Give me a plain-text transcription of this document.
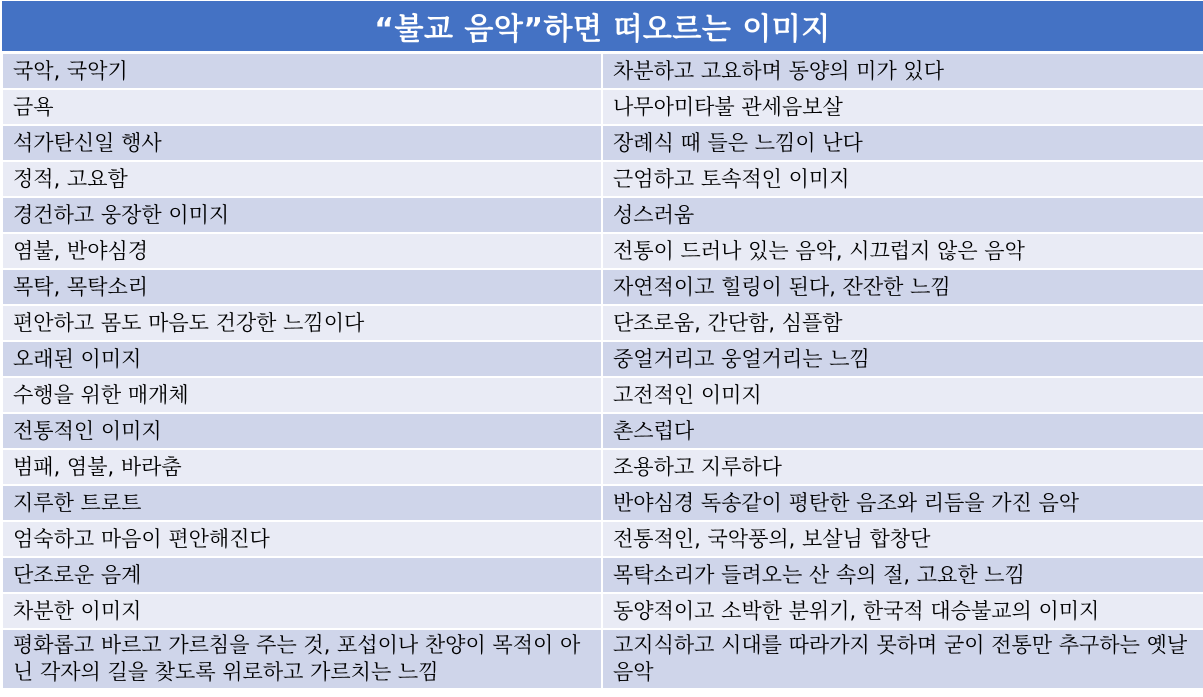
“불교 음악”하면 떠오르는 이미지	
국악, 국악기	차분하고 고요하며 동양의 미가 있다
금욕	나무아미타불 관세음보살
석가탄신일 행사	장례식 때 들은 느낌이 난다
정적, 고요함	근엄하고 토속적인 이미지
경건하고 웅장한 이미지	성스러움
염불, 반야심경	전통이 드러나 있는 음악, 시끄럽지 않은 음악
목탁, 목탁소리	자연적이고 힐링이 된다, 잔잔한 느낌
편안하고 몸도 마음도 건강한 느낌이다	단조로움, 간단함, 심플함
오래된 이미지	중얼거리고 웅얼거리는 느낌
수행을 위한 매개체	고전적인 이미지
전통적인 이미지	촌스럽다
범패, 염불, 바라춤	조용하고 지루하다
지루한 트로트	반야심경 독송같이 평탄한 음조와 리듬을 가진 음악
엄숙하고 마음이 편안해진다	전통적인, 국악풍의, 보살님 합창단
단조로운 음계	목탁소리가 들려오는 산 속의 절, 고요한 느낌
차분한 이미지	동양적이고 소박한 분위기, 한국적 대승불교의 이미지
평화롭고 바르고 가르침을 주는 것, 포섭이나 찬양이 목적이 아닌 각자의 길을 찾도록 위로하고 가르치는 느낌	고지식하고 시대를 따라가지 못하며 굳이 전통만 추구하는 옛날 음악
